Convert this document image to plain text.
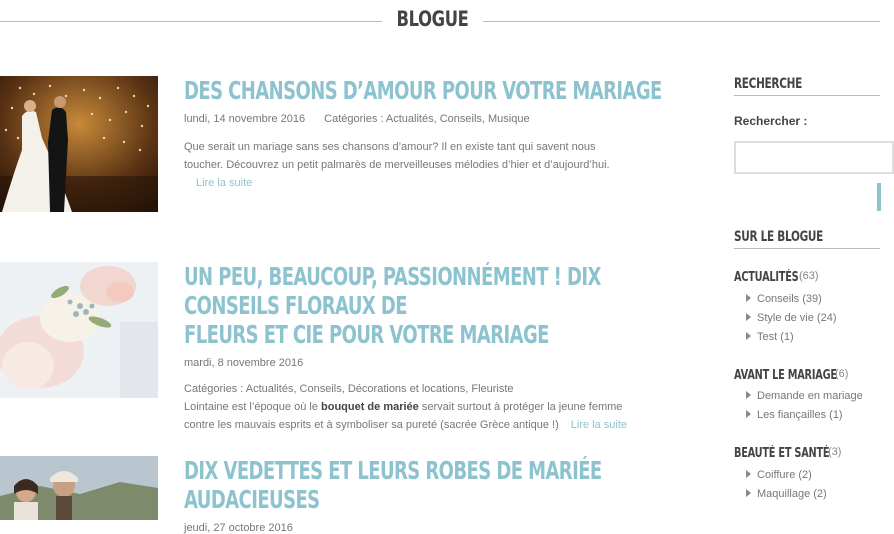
BLOGUE
DES CHANSONS D’AMOUR POUR VOTRE MARIAGE
lundi, 14 novembre 2016 Catégories : Actualités, Conseils, Musique
Que serait un mariage sans ses chansons d’amour? Il en existe tant qui savent nous
toucher. Découvrez un petit palmarès de merveilleuses mélodies d’hier et d’aujourd’hui.
Lire la suite
UN PEU, BEAUCOUP, PASSIONNÉMENT ! DIX CONSEILS FLORAUX DE
FLEURS ET CIE POUR VOTRE MARIAGE
mardi, 8 novembre 2016
Catégories : Actualités, Conseils, Décorations et locations, Fleuriste
Lointaine est l’époque où le bouquet de mariée servait surtout à protéger la jeune femme
contre les mauvais esprits et à symboliser sa pureté (sacrée Grèce antique !) Lire la suite
DIX VEDETTES ET LEURS ROBES DE MARIÉE AUDACIEUSES
jeudi, 27 octobre 2016
RECHERCHE
Rechercher :
SUR LE BLOGUE
ACTUALITÉS (63)
Conseils (39)
Style de vie (24)
Test (1)
AVANT LE MARIAGE
(6)
Demande en mariage
Les fiançailles (1)
BEAUTÉ ET SANTÉ
(3)
Coiffure (2)
Maquillage (2)
